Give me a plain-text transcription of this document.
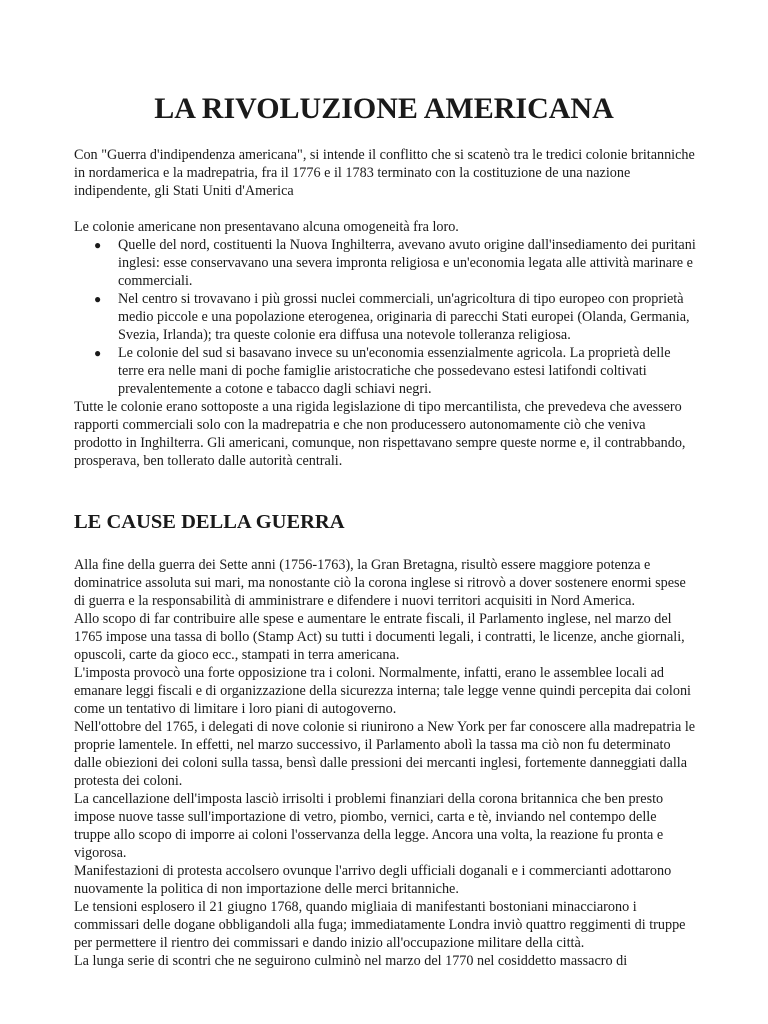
LA RIVOLUZIONE AMERICANA

Con "Guerra d'indipendenza americana", si intende il conflitto che si scatenò tra le tredici colonie britanniche in nordamerica e la madrepatria, fra il 1776 e il 1783 terminato con la costituzione de una nazione indipendente, gli Stati Uniti d'America

Le colonie americane non presentavano alcuna omogeneità fra loro.

● Quelle del nord, costituenti la Nuova Inghilterra, avevano avuto origine dall'insediamento dei puritani inglesi: esse conservavano una severa impronta religiosa e un'economia legata alle attività marinare e commerciali.
● Nel centro si trovavano i più grossi nuclei commerciali, un'agricoltura di tipo europeo con proprietà medio piccole e una popolazione eterogenea, originaria di parecchi Stati europei (Olanda, Germania, Svezia, Irlanda); tra queste colonie era diffusa una notevole tolleranza religiosa.
● Le colonie del sud si basavano invece su un'economia essenzialmente agricola. La proprietà delle terre era nelle mani di poche famiglie aristocratiche che possedevano estesi latifondi coltivati prevalentemente a cotone e tabacco dagli schiavi negri.

Tutte le colonie erano sottoposte a una rigida legislazione di tipo mercantilista, che prevedeva che avessero rapporti commerciali solo con la madrepatria e che non producessero autonomamente ciò che veniva prodotto in Inghilterra. Gli americani, comunque, non rispettavano sempre queste norme e, il contrabbando, prosperava, ben tollerato dalle autorità centrali.

LE CAUSE DELLA GUERRA

Alla fine della guerra dei Sette anni (1756-1763), la Gran Bretagna, risultò essere maggiore potenza e dominatrice assoluta sui mari, ma nonostante ciò la corona inglese si ritrovò a dover sostenere enormi spese di guerra e la responsabilità di amministrare e difendere i nuovi territori acquisiti in Nord America.

Allo scopo di far contribuire alle spese e aumentare le entrate fiscali, il Parlamento inglese, nel marzo del 1765 impose una tassa di bollo (Stamp Act) su tutti i documenti legali, i contratti, le licenze, anche giornali, opuscoli, carte da gioco ecc., stampati in terra americana.

L'imposta provocò una forte opposizione tra i coloni. Normalmente, infatti, erano le assemblee locali ad emanare leggi fiscali e di organizzazione della sicurezza interna; tale legge venne quindi percepita dai coloni come un tentativo di limitare i loro piani di autogoverno.

Nell'ottobre del 1765, i delegati di nove colonie si riunirono a New York per far conoscere alla madrepatria le proprie lamentele. In effetti, nel marzo successivo, il Parlamento abolì la tassa ma ciò non fu determinato dalle obiezioni dei coloni sulla tassa, bensì dalle pressioni dei mercanti inglesi, fortemente danneggiati dalla protesta dei coloni.

La cancellazione dell'imposta lasciò irrisolti i problemi finanziari della corona britannica che ben presto impose nuove tasse sull'importazione di vetro, piombo, vernici, carta e tè, inviando nel contempo delle truppe allo scopo di imporre ai coloni l'osservanza della legge. Ancora una volta, la reazione fu pronta e vigorosa.

Manifestazioni di protesta accolsero ovunque l'arrivo degli ufficiali doganali e i commercianti adottarono nuovamente la politica di non importazione delle merci britanniche.

Le tensioni esplosero il 21 giugno 1768, quando migliaia di manifestanti bostoniani minacciarono i commissari delle dogane obbligandoli alla fuga; immediatamente Londra inviò quattro reggimenti di truppe per permettere il rientro dei commissari e dando inizio all'occupazione militare della città.

La lunga serie di scontri che ne seguirono culminò nel marzo del 1770 nel cosiddetto massacro di
